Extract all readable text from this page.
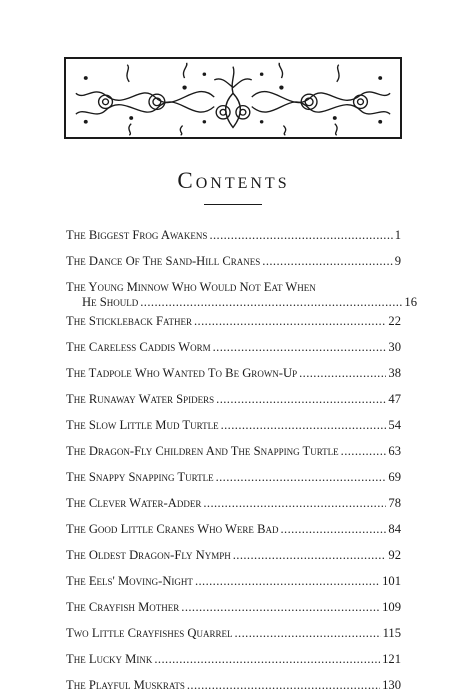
Contents
The Biggest Frog Awakens .....	1
The Dance Of The Sand-Hill Cranes .....	9
The Young Minnow Who Would Not Eat When
He Should .....	16
The Stickleback Father .....	22
The Careless Caddis Worm .....	30
The Tadpole Who Wanted To Be Grown-Up .....	38
The Runaway Water Spiders .....	47
The Slow Little Mud Turtle .....	54
The Dragon-Fly Children And The Snapping Turtle .....	63
The Snappy Snapping Turtle .....	69
The Clever Water-Adder .....	78
The Good Little Cranes Who Were Bad .....	84
The Oldest Dragon-Fly Nymph .....	92
The Eels' Moving-Night .....	101
The Crayfish Mother .....	109
Two Little Crayfishes Quarrel .....	115
The Lucky Mink .....	121
The Playful Muskrats .....	130
